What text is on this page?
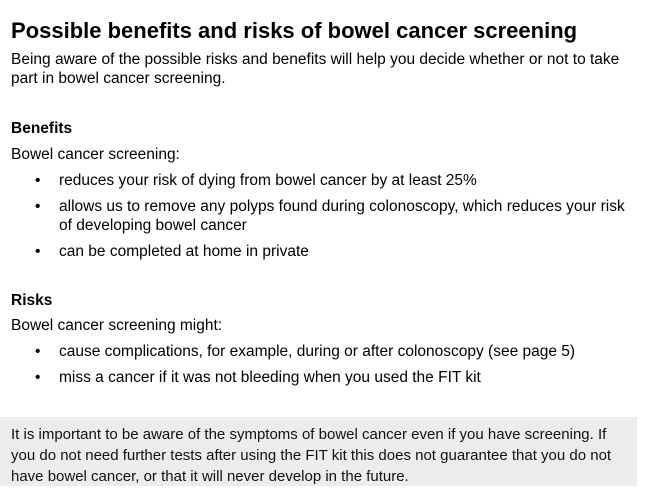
Possible benefits and risks of bowel cancer screening

Being aware of the possible risks and benefits will help you decide whether or not to take part in bowel cancer screening.

Benefits

Bowel cancer screening:

• reduces your risk of dying from bowel cancer by at least 25%
• allows us to remove any polyps found during colonoscopy, which reduces your risk of developing bowel cancer
• can be completed at home in private
Risks

Bowel cancer screening might:

• cause complications, for example, during or after colonoscopy (see page 5)
• miss a cancer if it was not bleeding when you used the FIT kit
It is important to be aware of the symptoms of bowel cancer even if you have screening. If you do not need further tests after using the FIT kit this does not guarantee that you do not have bowel cancer, or that it will never develop in the future.
